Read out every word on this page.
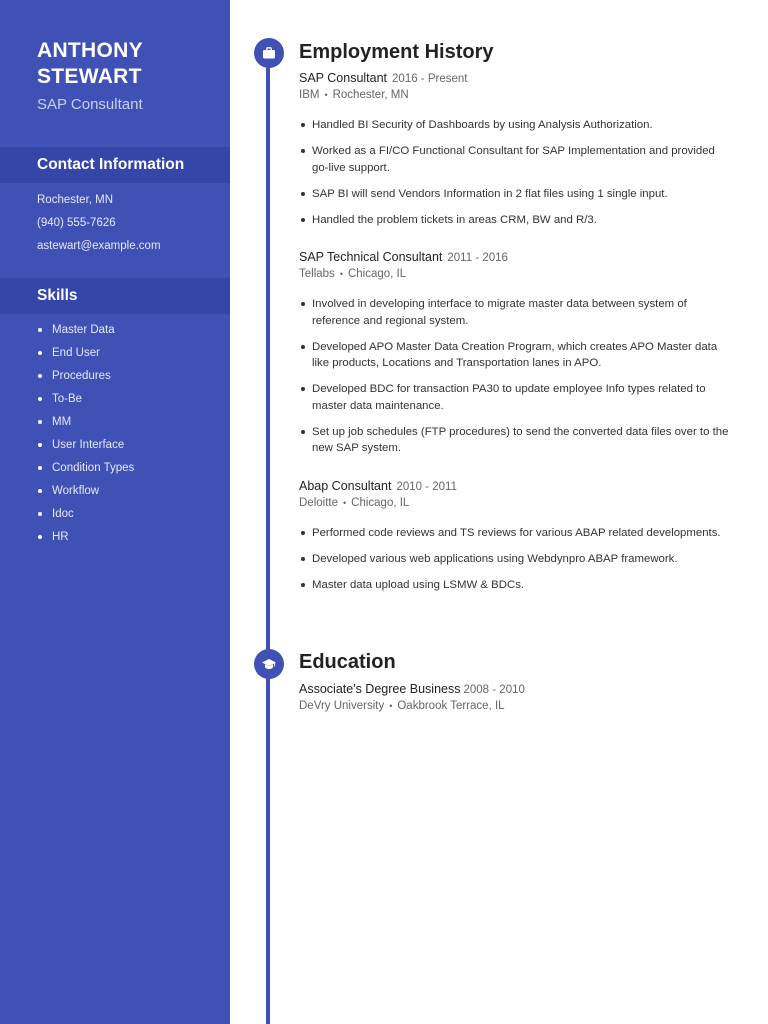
ANTHONY STEWART
SAP Consultant
Contact Information
Rochester, MN
(940) 555-7626
astewart@example.com
Skills
Master Data
End User
Procedures
To-Be
MM
User Interface
Condition Types
Workflow
Idoc
HR
Employment History
SAP Consultant 2016 - Present
IBM • Rochester, MN
Handled BI Security of Dashboards by using Analysis Authorization.
Worked as a FI/CO Functional Consultant for SAP Implementation and provided go-live support.
SAP BI will send Vendors Information in 2 flat files using 1 single input.
Handled the problem tickets in areas CRM, BW and R/3.
SAP Technical Consultant 2011 - 2016
Tellabs • Chicago, IL
Involved in developing interface to migrate master data between system of reference and regional system.
Developed APO Master Data Creation Program, which creates APO Master data like products, Locations and Transportation lanes in APO.
Developed BDC for transaction PA30 to update employee Info types related to master data maintenance.
Set up job schedules (FTP procedures) to send the converted data files over to the new SAP system.
Abap Consultant 2010 - 2011
Deloitte • Chicago, IL
Performed code reviews and TS reviews for various ABAP related developments.
Developed various web applications using Webdynpro ABAP framework.
Master data upload using LSMW & BDCs.
Education
Associate's Degree Business 2008 - 2010
DeVry University • Oakbrook Terrace, IL
